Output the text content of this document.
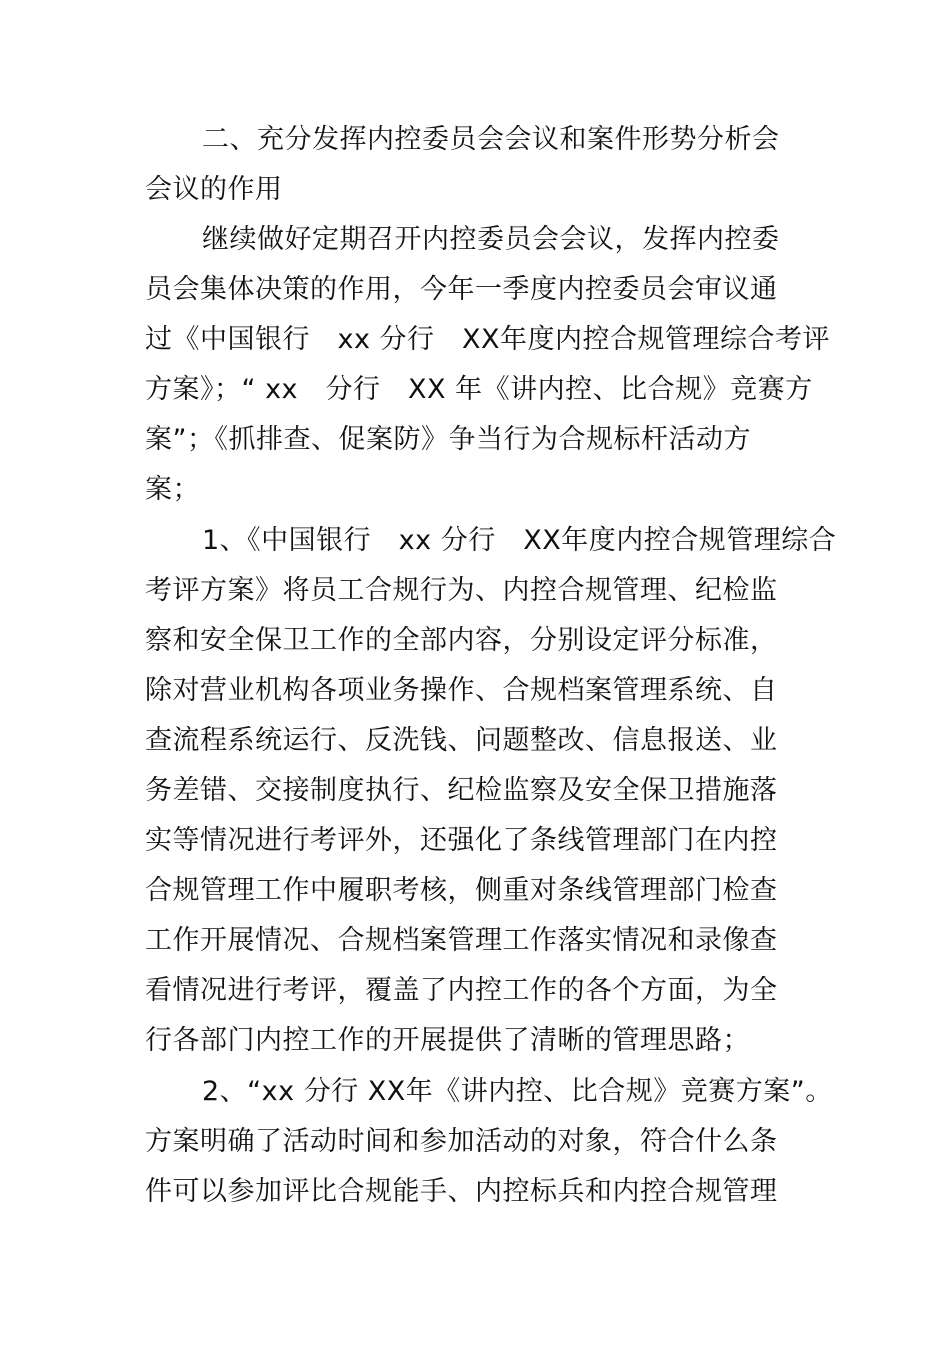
二、充分发挥内控委员会会议和案件形势分析会
会议的作用
继续做好定期召开内控委员会会议，发挥内控委
员会集体决策的作用，今年一季度内控委员会审议通
过《中国银行　xx 分行　XX年度内控合规管理综合考评
方案》；“ xx　分行　XX 年《讲内控、比合规》竞赛方
案”；《抓排查、促案防》争当行为合规标杆活动方
案；
1、《中国银行　xx 分行　XX年度内控合规管理综合
考评方案》将员工合规行为、内控合规管理、纪检监
察和安全保卫工作的全部内容，分别设定评分标准，
除对营业机构各项业务操作、合规档案管理系统、自
查流程系统运行、反洗钱、问题整改、信息报送、业
务差错、交接制度执行、纪检监察及安全保卫措施落
实等情况进行考评外，还强化了条线管理部门在内控
合规管理工作中履职考核，侧重对条线管理部门检查
工作开展情况、合规档案管理工作落实情况和录像查
看情况进行考评，覆盖了内控工作的各个方面，为全
行各部门内控工作的开展提供了清晰的管理思路；
2、“xx 分行 XX年《讲内控、比合规》竞赛方案”。
方案明确了活动时间和参加活动的对象，符合什么条
件可以参加评比合规能手、内控标兵和内控合规管理
